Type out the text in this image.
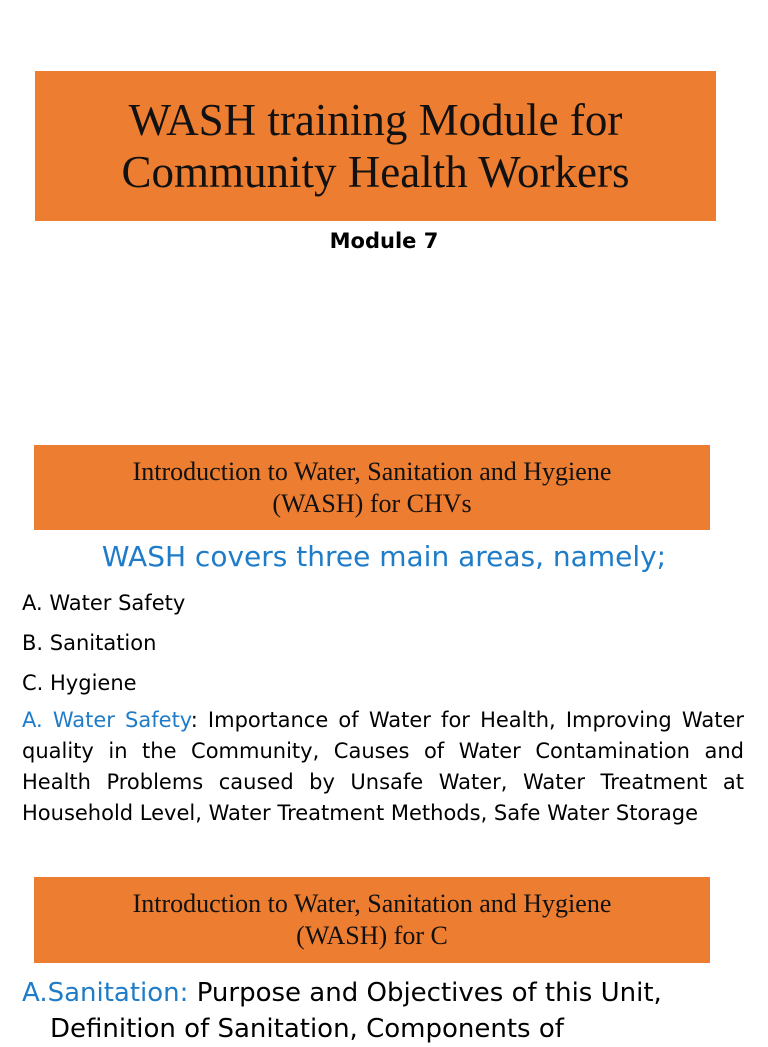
WASH training Module for
Community Health Workers
Module 7
Introduction to Water, Sanitation and Hygiene
(WASH) for CHVs
WASH covers three main areas, namely;
A. Water Safety
B. Sanitation
C. Hygiene
A. Water Safety: Importance of Water for Health, Improving Water quality in the Community, Causes of Water Contamination and Health Problems caused by Unsafe Water, Water Treatment at Household Level, Water Treatment Methods, Safe Water Storage
Introduction to Water, Sanitation and Hygiene
(WASH) for C
A.Sanitation: Purpose and Objectives of this Unit,
Definition of Sanitation, Components of
